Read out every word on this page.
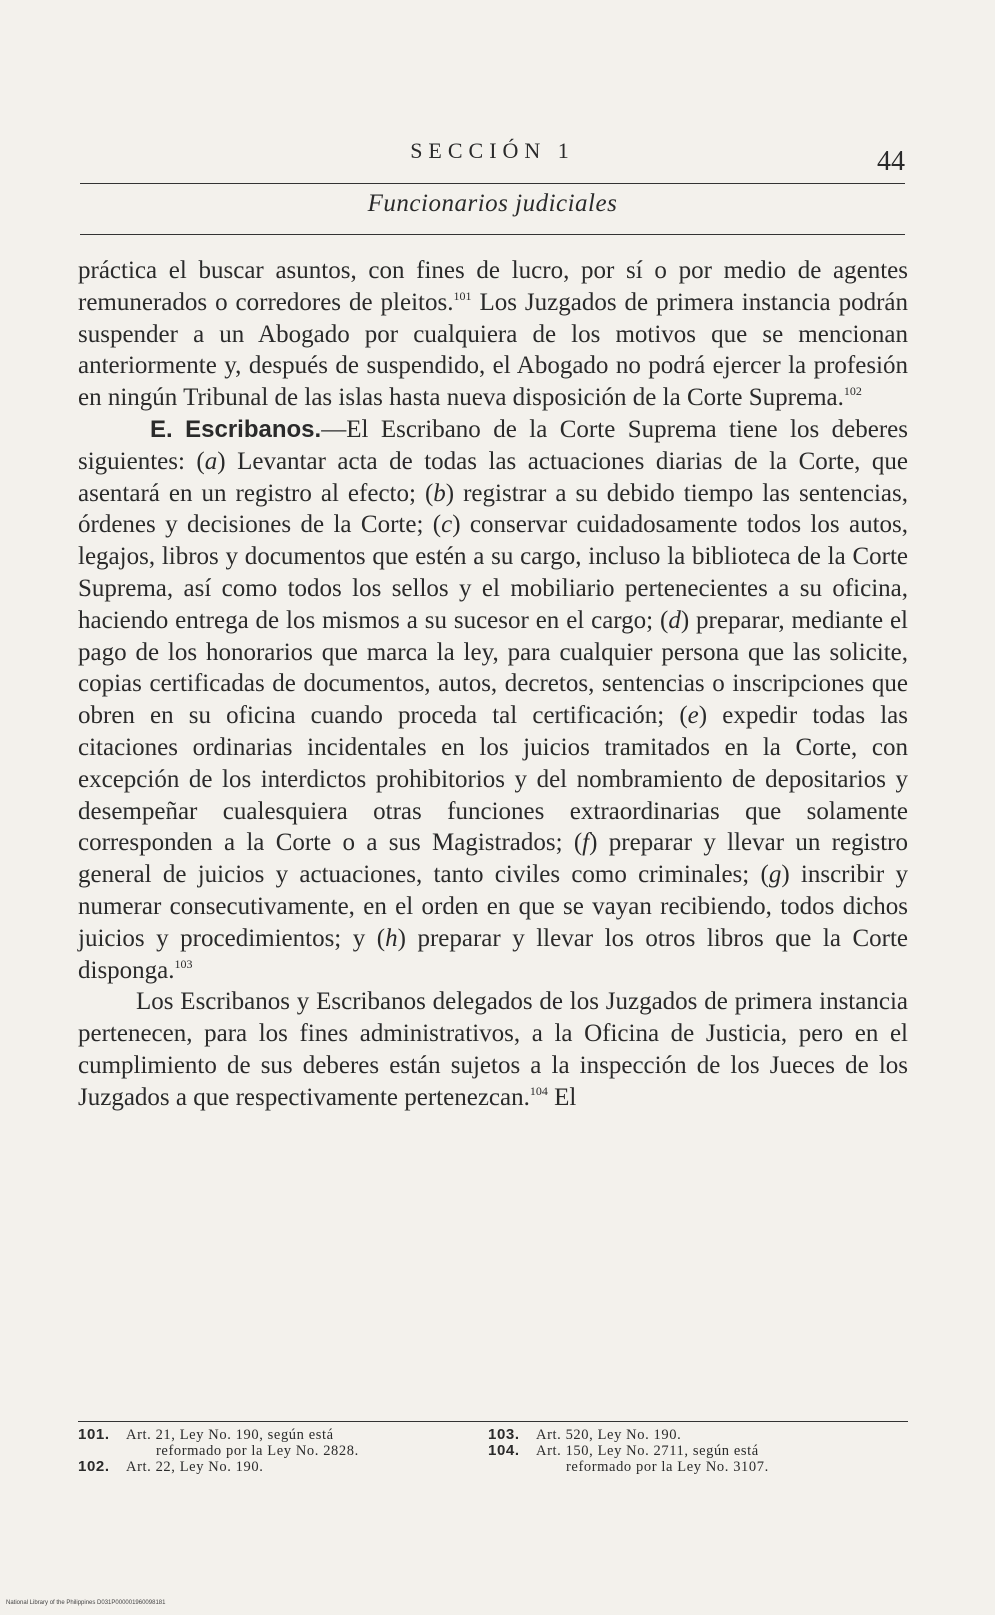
SECCIÓN 1	44
Funcionarios judiciales

práctica el buscar asuntos, con fines de lucro, por sí o por medio de agentes remunerados o corredores de pleitos.$^{101}$ Los Juzgados de primera instancia podrán suspender a un Abogado por cualquiera de los motivos que se mencionan anteriormente y, después de suspendido, el Abogado no podrá ejercer la profesión en ningún Tribunal de las islas hasta nueva disposición de la Corte Suprema.$^{102}$

E. Escribanos.—El Escribano de la Corte Suprema tiene los deberes siguientes: (a) Levantar acta de todas las actuaciones diarias de la Corte, que asentará en un registro al efecto; (b) registrar a su debido tiempo las sentencias, órdenes y decisiones de la Corte; (c) conservar cuidadosamente todos los autos, legajos, libros y documentos que estén a su cargo, incluso la biblioteca de la Corte Suprema, así como todos los sellos y el mobiliario pertenecientes a su oficina, haciendo entrega de los mismos a su sucesor en el cargo; (d) preparar, mediante el pago de los honorarios que marca la ley, para cualquier persona que las solicite, copias certificadas de documentos, autos, decretos, sentencias o inscripciones que obren en su oficina cuando proceda tal certificación; (e) expedir todas las citaciones ordinarias incidentales en los juicios tramitados en la Corte, con excepción de los interdictos prohibitorios y del nombramiento de depositarios y desempeñar cualesquiera otras funciones extraordinarias que solamente corresponden a la Corte o a sus Magistrados; (f) preparar y llevar un registro general de juicios y actuaciones, tanto civiles como criminales; (g) inscribir y numerar consecutivamente, en el orden en que se vayan recibiendo, todos dichos juicios y procedimientos; y (h) preparar y llevar los otros libros que la Corte disponga.$^{103}$

Los Escribanos y Escribanos delegados de los Juzgados de primera instancia pertenecen, para los fines administrativos, a la Oficina de Justicia, pero en el cumplimiento de sus deberes están sujetos a la inspección de los Jueces de los Juzgados a que respectivamente pertenezcan.$^{104}$ El

101. Art. 21, Ley No. 190, según está
reformado por la Ley No. 2828.
102. Art. 22, Ley No. 190.
103. Art. 520, Ley No. 190.
104. Art. 150, Ley No. 2711, según está
reformado por la Ley No. 3107.
National Library of the Philippines D031P000001960098181
